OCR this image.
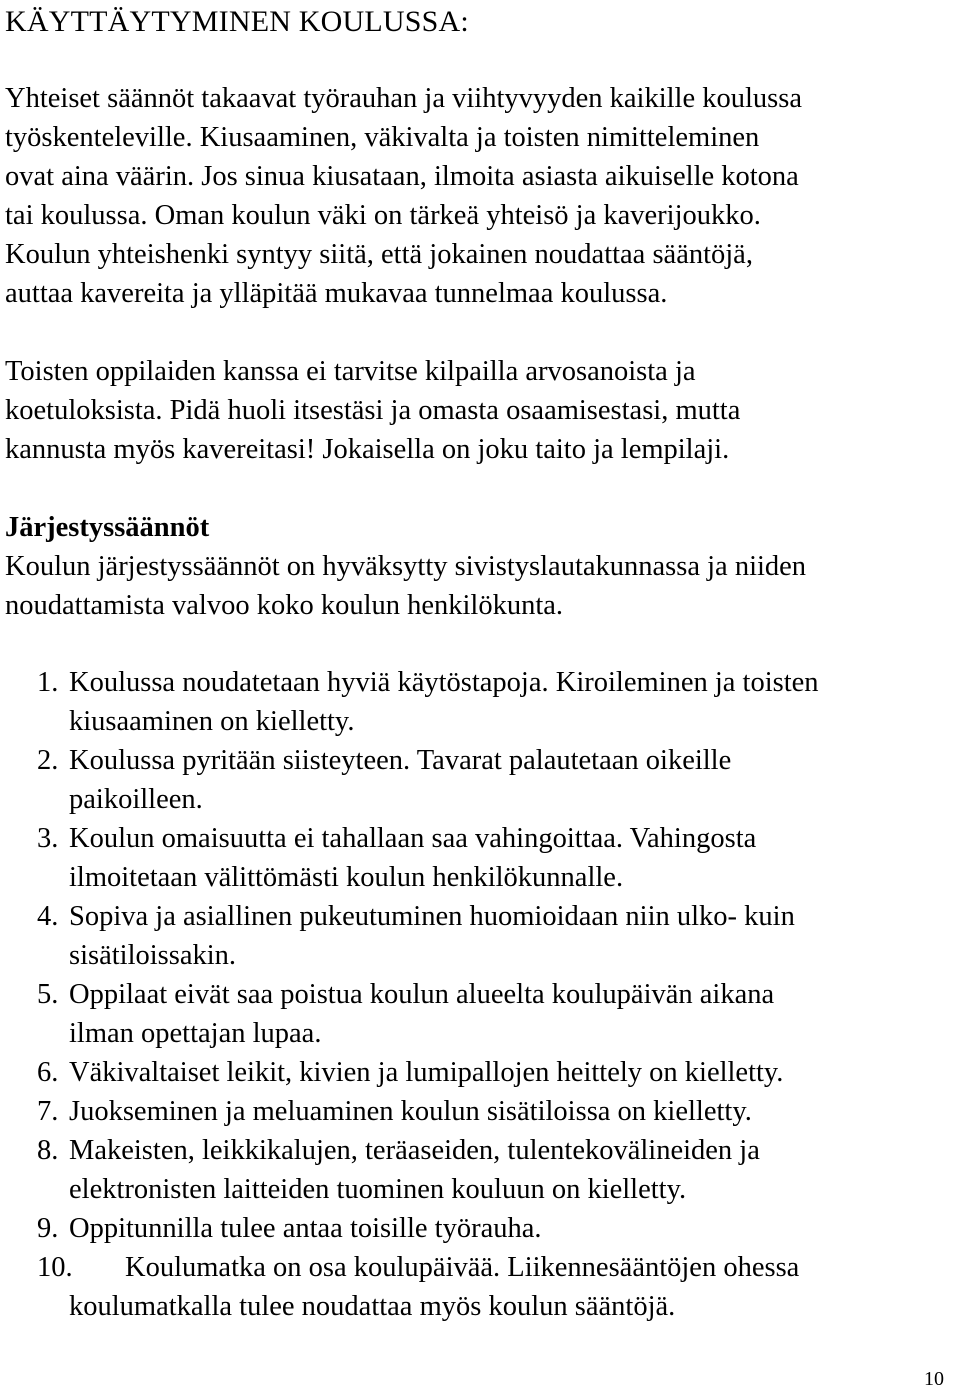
KÄYTTÄYTYMINEN KOULUSSA:

Yhteiset säännöt takaavat työrauhan ja viihtyvyyden kaikille koulussa
työskenteleville. Kiusaaminen, väkivalta ja toisten nimitteleminen
ovat aina väärin. Jos sinua kiusataan, ilmoita asiasta aikuiselle kotona
tai koulussa. Oman koulun väki on tärkeä yhteisö ja kaverijoukko.
Koulun yhteishenki syntyy siitä, että jokainen noudattaa sääntöjä,
auttaa kavereita ja ylläpitää mukavaa tunnelmaa koulussa.

Toisten oppilaiden kanssa ei tarvitse kilpailla arvosanoista ja
koetuloksista. Pidä huoli itsestäsi ja omasta osaamisestasi, mutta
kannusta myös kavereitasi! Jokaisella on joku taito ja lempilaji.

Järjestyssäännöt

Koulun järjestyssäännöt on hyväksytty sivistyslautakunnassa ja niiden
noudattamista valvoo koko koulun henkilökunta.

1. Koulussa noudatetaan hyviä käytöstapoja. Kiroileminen ja toisten
kiusaaminen on kielletty.
2. Koulussa pyritään siisteyteen. Tavarat palautetaan oikeille
paikoilleen.
3. Koulun omaisuutta ei tahallaan saa vahingoittaa. Vahingosta
ilmoitetaan välittömästi koulun henkilökunnalle.
4. Sopiva ja asiallinen pukeutuminen huomioidaan niin ulko- kuin
sisätiloissakin.
5. Oppilaat eivät saa poistua koulun alueelta koulupäivän aikana
ilman opettajan lupaa.
6. Väkivaltaiset leikit, kivien ja lumipallojen heittely on kielletty.
7. Juokseminen ja meluaminen koulun sisätiloissa on kielletty.
8. Makeisten, leikkikalujen, teräaseiden, tulentekovälineiden ja
elektronisten laitteiden tuominen kouluun on kielletty.
9. Oppitunnilla tulee antaa toisille työrauha.
10.	Koulumatka on osa koulupäivää. Liikennesääntöjen ohessa
koulumatkalla tulee noudattaa myös koulun sääntöjä.
10
